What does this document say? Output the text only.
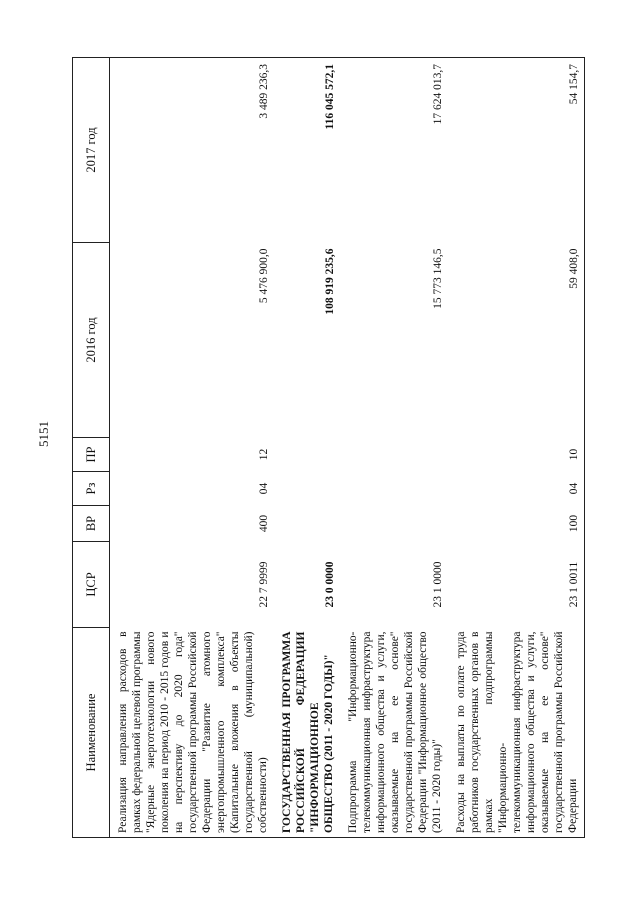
5151
Наименование	ЦСР	ВР	Рз	ПР	2016 год	2017 год
Реализация направления расходов в рамках федеральной целевой программы "Ядерные энерготехнологии нового поколения на период 2010 - 2015 годов и на перспективу до 2020 года" государственной программы Российской Федерации "Развитие атомного энергопромышленного комплекса" (Капитальные вложения в объекты государственной (муниципальной) собственности)	22 7 9999	400	04	12	5 476 900,0	3 489 236,3
ГОСУДАРСТВЕННАЯ ПРОГРАММА РОССИЙСКОЙ ФЕДЕРАЦИИ "ИНФОРМАЦИОННОЕ ОБЩЕСТВО (2011 - 2020 ГОДЫ)"	23 0 0000				108 919 235,6	116 045 572,1
Подпрограмма "Информационно-телекоммуникационная инфраструктура информационного общества и услуги, оказываемые на ее основе" государственной программы Российской Федерации "Информационное общество (2011 - 2020 годы)"	23 1 0000				15 773 146,5	17 624 013,7
Расходы на выплаты по оплате труда работников государственных органов в рамках подпрограммы "Информационно-телекоммуникационная инфраструктура информационного общества и услуги, оказываемые на ее основе" государственной программы Российской Федерации	23 1 0011	100	04	10	59 408,0	54 154,7
